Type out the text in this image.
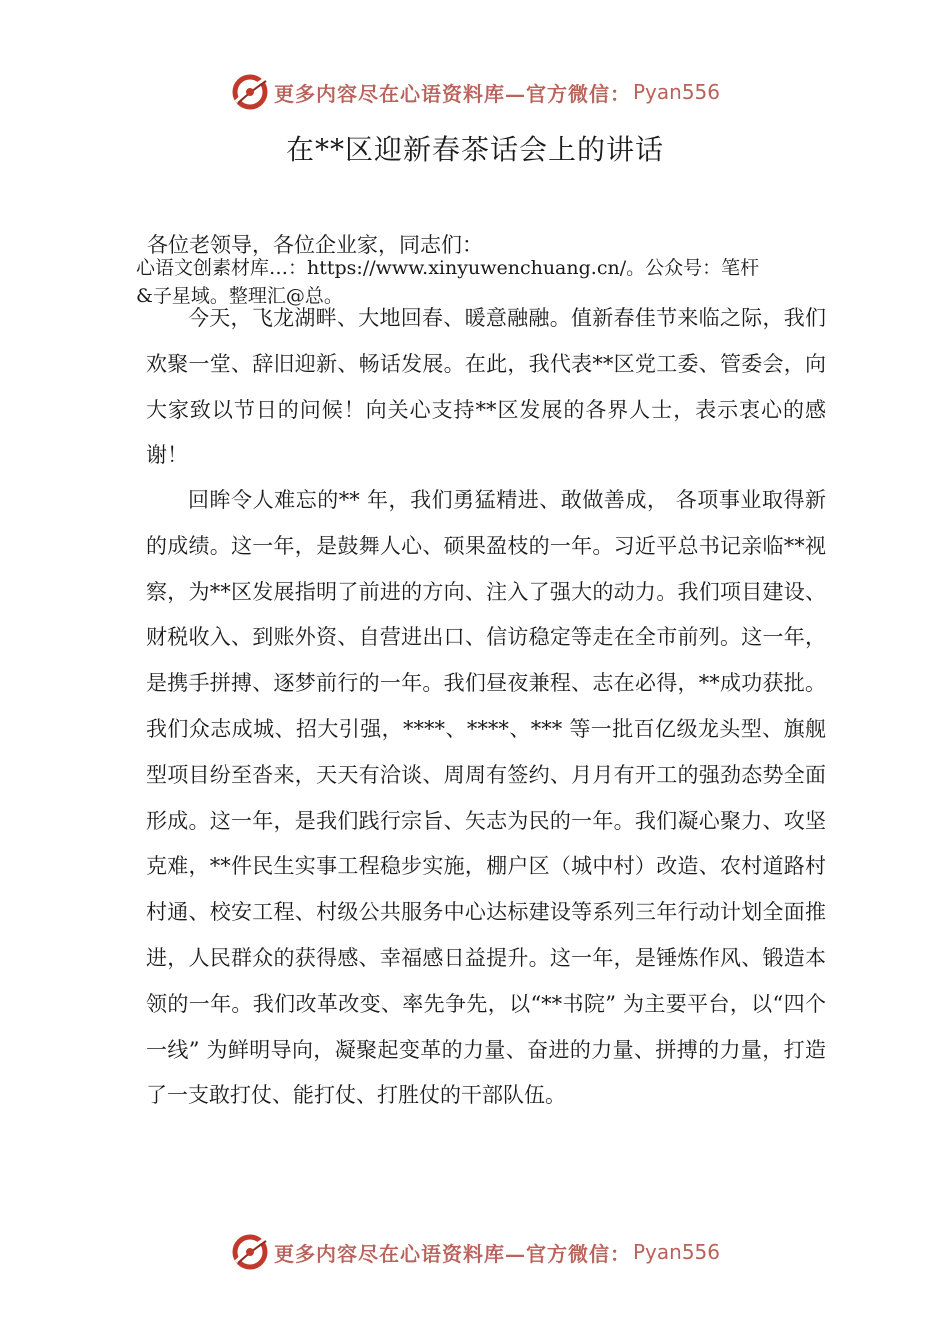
更多内容尽在心语资料库—官方微信： Pyan556
在**区迎新春茶话会上的讲话
各位老领导，各位企业家，同志们：
心语文创素材库…：https://www.xinyuwenchuang.cn/。公众号：笔杆
&子星域。整理汇@总。

今天，飞龙湖畔、大地回春、暖意融融。值新春佳节来临之际，我们欢聚一堂、辞旧迎新、畅话发展。在此，我代表**区党工委、管委会，向大家致以节日的问候！向关心支持**区发展的各界人士，表示衷心的感谢！

回眸令人难忘的** 年，我们勇猛精进、敢做善成， 各项事业取得新的成绩。这一年，是鼓舞人心、硕果盈枝的一年。习近平总书记亲临**视察，为**区发展指明了前进的方向、注入了强大的动力。我们项目建设、财税收入、到账外资、自营进出口、信访稳定等走在全市前列。这一年，是携手拼搏、逐梦前行的一年。我们昼夜兼程、志在必得，**成功获批。我们众志成城、招大引强，****、****、*** 等一批百亿级龙头型、旗舰型项目纷至沓来，天天有洽谈、周周有签约、月月有开工的强劲态势全面形成。这一年，是我们践行宗旨、矢志为民的一年。我们凝心聚力、攻坚克难，**件民生实事工程稳步实施，棚户区（城中村）改造、农村道路村村通、校安工程、村级公共服务中心达标建设等系列三年行动计划全面推进，人民群众的获得感、幸福感日益提升。这一年，是锤炼作风、锻造本领的一年。我们改革改变、率先争先，以“**书院” 为主要平台，以“四个一线” 为鲜明导向，凝聚起变革的力量、奋进的力量、拼搏的力量，打造了一支敢打仗、能打仗、打胜仗的干部队伍。

更多内容尽在心语资料库—官方微信： Pyan556
